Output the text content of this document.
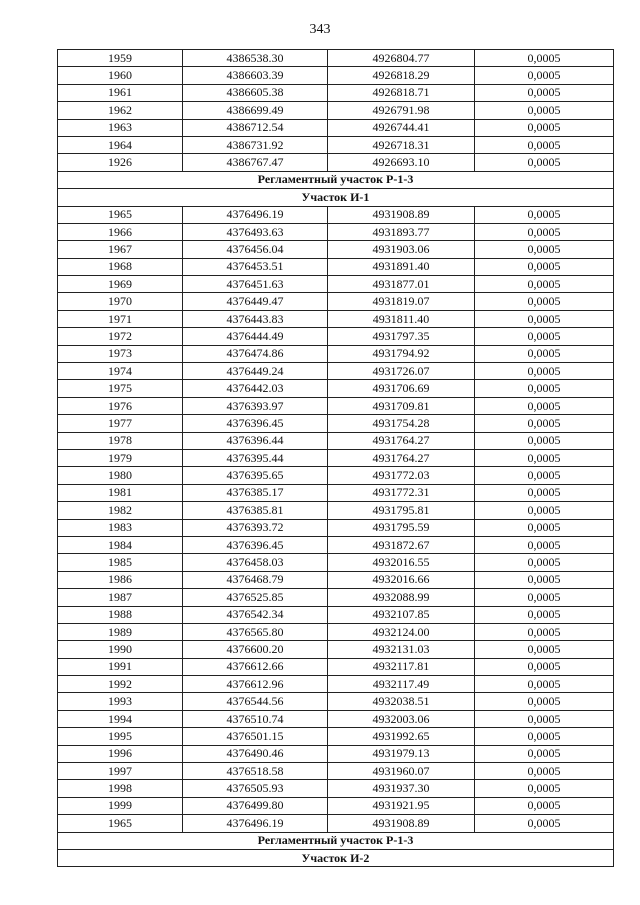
343
1959	4386538.30	4926804.77	0,0005
1960	4386603.39	4926818.29	0,0005
1961	4386605.38	4926818.71	0,0005
1962	4386699.49	4926791.98	0,0005
1963	4386712.54	4926744.41	0,0005
1964	4386731.92	4926718.31	0,0005
1926	4386767.47	4926693.10	0,0005
Регламентный участок Р-1-3			
Участок И-1			
1965	4376496.19	4931908.89	0,0005
1966	4376493.63	4931893.77	0,0005
1967	4376456.04	4931903.06	0,0005
1968	4376453.51	4931891.40	0,0005
1969	4376451.63	4931877.01	0,0005
1970	4376449.47	4931819.07	0,0005
1971	4376443.83	4931811.40	0,0005
1972	4376444.49	4931797.35	0,0005
1973	4376474.86	4931794.92	0,0005
1974	4376449.24	4931726.07	0,0005
1975	4376442.03	4931706.69	0,0005
1976	4376393.97	4931709.81	0,0005
1977	4376396.45	4931754.28	0,0005
1978	4376396.44	4931764.27	0,0005
1979	4376395.44	4931764.27	0,0005
1980	4376395.65	4931772.03	0,0005
1981	4376385.17	4931772.31	0,0005
1982	4376385.81	4931795.81	0,0005
1983	4376393.72	4931795.59	0,0005
1984	4376396.45	4931872.67	0,0005
1985	4376458.03	4932016.55	0,0005
1986	4376468.79	4932016.66	0,0005
1987	4376525.85	4932088.99	0,0005
1988	4376542.34	4932107.85	0,0005
1989	4376565.80	4932124.00	0,0005
1990	4376600.20	4932131.03	0,0005
1991	4376612.66	4932117.81	0,0005
1992	4376612.96	4932117.49	0,0005
1993	4376544.56	4932038.51	0,0005
1994	4376510.74	4932003.06	0,0005
1995	4376501.15	4931992.65	0,0005
1996	4376490.46	4931979.13	0,0005
1997	4376518.58	4931960.07	0,0005
1998	4376505.93	4931937.30	0,0005
1999	4376499.80	4931921.95	0,0005
1965	4376496.19	4931908.89	0,0005
Регламентный участок Р-1-3			
Участок И-2			
